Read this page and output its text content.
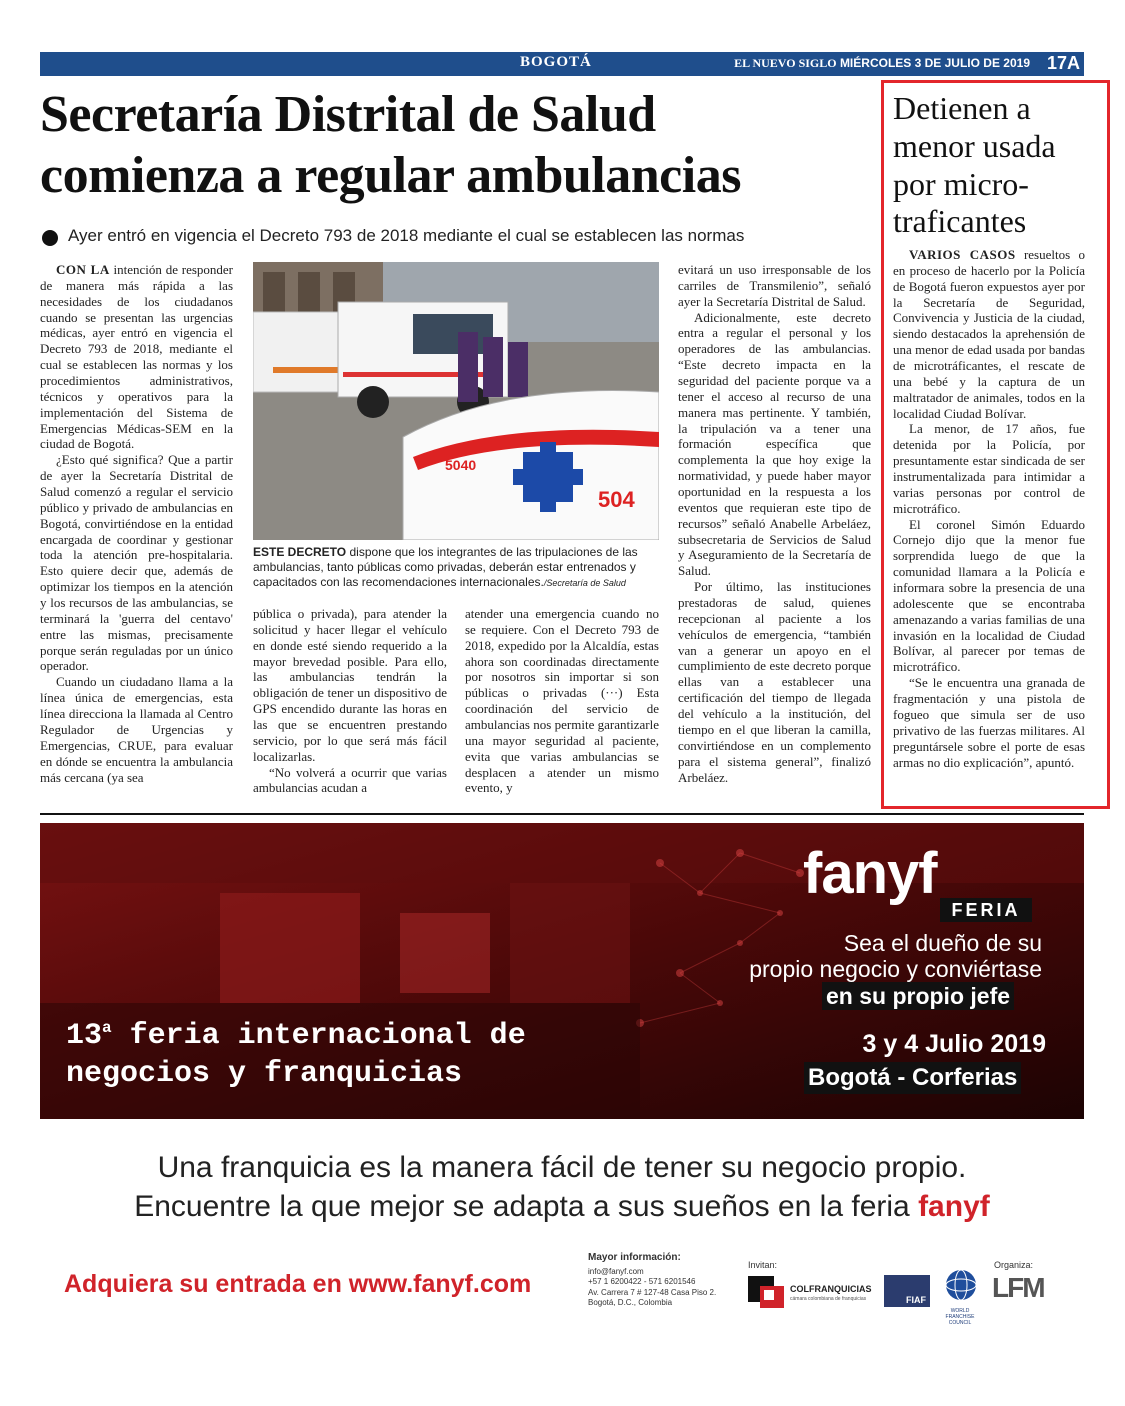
BOGOTÁ	EL NUEVO SIGLO MIÉRCOLES 3 DE JULIO DE 2019 17A
Secretaría Distrital de Salud
comienza a regular ambulancias
Ayer entró en vigencia el Decreto 793 de 2018 mediante el cual se establecen las normas

CON LA intención de responder de manera más rápida a las necesidades de los ciudadanos cuando se presentan las urgencias médicas, ayer entró en vigencia el Decreto 793 de 2018, mediante el cual se establecen las normas y los procedimientos administrativos, técnicos y operativos para la implementación del Sistema de Emergencias Médicas-SEM en la ciudad de Bogotá.

¿Esto qué significa? Que a partir de ayer la Secretaría Distrital de Salud comenzó a regular el servicio público y privado de ambulancias en Bogotá, convirtiéndose en la entidad encargada de coordinar y gestionar toda la atención pre-hospitalaria. Esto quiere decir que, además de optimizar los tiempos en la atención y los recursos de las ambulancias, se terminará la 'guerra del centavo' entre las mismas, precisamente porque serán reguladas por un único operador.

Cuando un ciudadano llama a la línea única de emergencias, esta línea direcciona la llamada al Centro Regulador de Urgencias y Emergencias, CRUE, para evaluar en dónde se encuentra la ambulancia más cercana (ya sea

504
5040
ESTE DECRETO dispone que los integrantes de las tripulaciones de las ambulancias, tanto públicas como privadas, deberán estar entrenados y capacitados con las recomendaciones internacionales./Secretaría de Salud

pública o privada), para atender la solicitud y hacer llegar el vehículo en donde esté siendo requerido a la mayor brevedad posible. Para ello, las ambulancias tendrán la obligación de tener un dispositivo de GPS encendido durante las horas en las que se encuentren prestando servicio, por lo que será más fácil localizarlas.

“No volverá a ocurrir que varias ambulancias acudan a

atender una emergencia cuando no se requiere. Con el Decreto 793 de 2018, expedido por la Alcaldía, estas ahora son coordinadas directamente por nosotros sin importar si son públicas o privadas (···) Esta coordinación del servicio de ambulancias nos permite garantizarle una mayor seguridad al paciente, evita que varias ambulancias se desplacen a atender un mismo evento, y

evitará un uso irresponsable de los carriles de Transmilenio”, señaló ayer la Secretaría Distrital de Salud.

Adicionalmente, este decreto entra a regular el personal y los operadores de las ambulancias. “Este decreto impacta en la seguridad del paciente porque va a tener el acceso al recurso de una manera mas pertinente. Y también, la tripulación va a tener una formación específica que complementa la que hoy exige la normatividad, y puede haber mayor oportunidad en la respuesta a los eventos que requieran este tipo de recursos” señaló Anabelle Arbeláez, subsecretaria de Servicios de Salud y Aseguramiento de la Secretaría de Salud.

Por último, las instituciones prestadoras de salud, quienes recepcionan al paciente a los vehículos de emergencia, “también van a generar un apoyo en el cumplimiento de este decreto porque ellas van a establecer una certificación del tiempo de llegada del vehículo a la institución, del tiempo en el que liberan la camilla, convirtiéndose en un complemento para el sistema general”, finalizó Arbeláez.

Detienen a menor usada por micro-traficantes

VARIOS CASOS resueltos o en proceso de hacerlo por la Policía de Bogotá fueron expuestos ayer por la Secretaría de Seguridad, Convivencia y Justicia de la ciudad, siendo destacados la aprehensión de una menor de edad usada por bandas de microtráficantes, el rescate de una bebé y la captura de un maltratador de animales, todos en la localidad Ciudad Bolívar.

La menor, de 17 años, fue detenida por la Policía, por presuntamente estar sindicada de ser instrumentalizada para intimidar a varias personas por control de microtráfico.

El coronel Simón Eduardo Cornejo dijo que la menor fue sorprendida luego de que la comunidad llamara a la Policía e informara sobre la presencia de una adolescente que se encontraba amenazando a varias familias de una invasión en la localidad de Ciudad Bolívar, al parecer por temas de microtráfico.

“Se le encuentra una granada de fragmentación y una pistola de fogueo que simula ser de uso privativo de las fuerzas militares. Al preguntársele sobre el porte de esas armas no dio explicación”, apuntó.

fanyf
FERIA
Sea el dueño de su
propio negocio y conviértase
en su propio jefe
3 y 4 Julio 2019
Bogotá - Corferias
13$^a$ feria internacional de
negocios y franquicias
Una franquicia es la manera fácil de tener su negocio propio.
Encuentre la que mejor se adapta a sus sueños en la feria fanyf
Adquiera su entrada en www.fanyf.com
Mayor información:
info@fanyf.com
+57 1 6200422 - 571 6201546
Av. Carrera 7 # 127-48 Casa Piso 2.
Bogotá, D.C., Colombia
Invitan:
COLFRANQUICIAS
cámara colombiana de franquicias	FIAF
WORLD FRANCHISE COUNCIL
Organiza:
LFM
